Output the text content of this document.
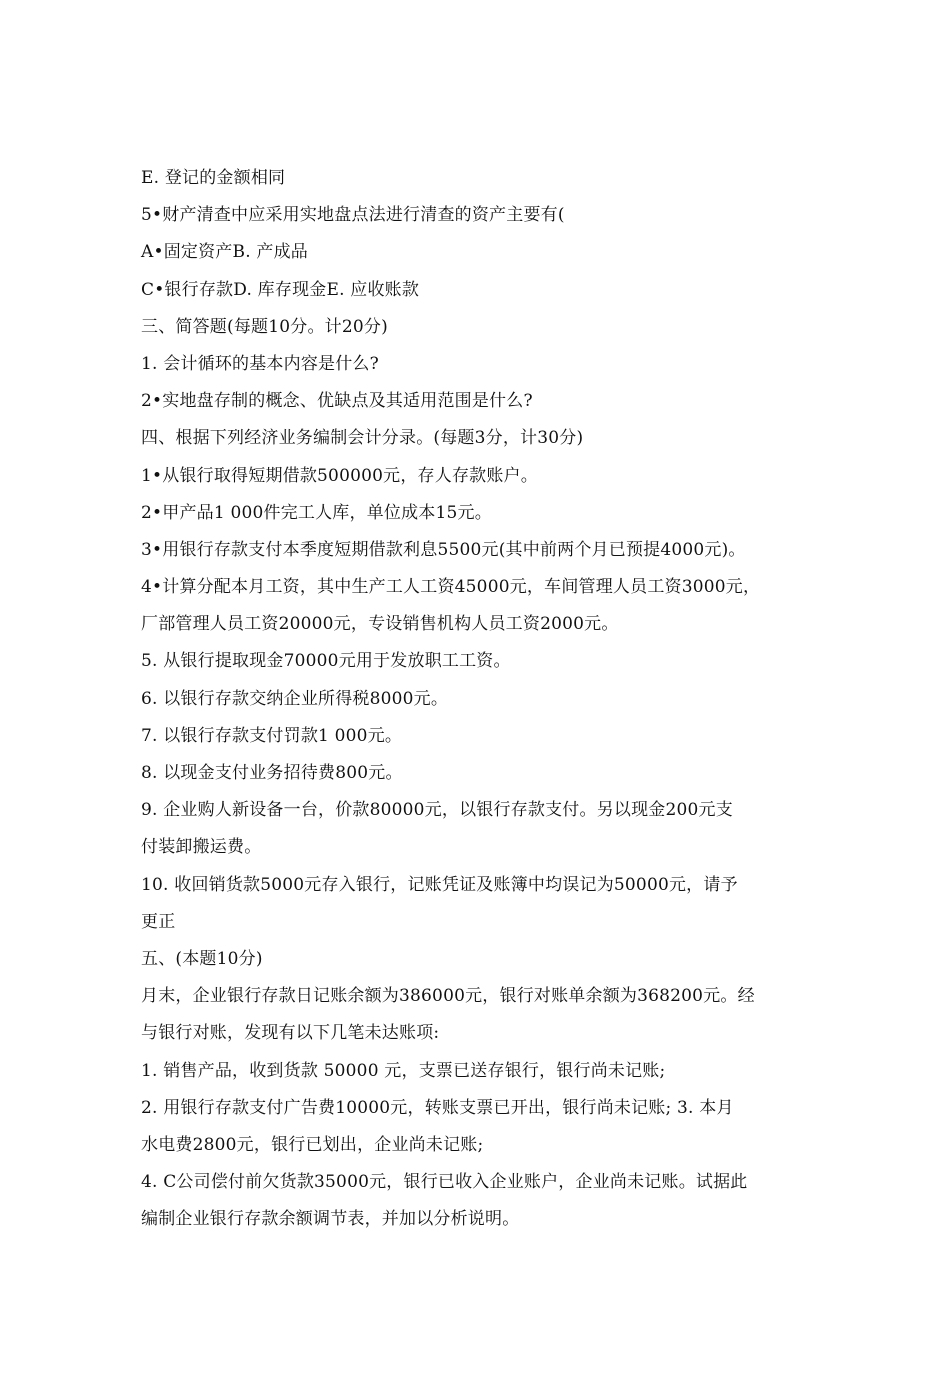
E. 登记的金额相同
5•财产清查中应采用实地盘点法进行清查的资产主要有(
A•固定资产B. 产成品
C•银行存款D. 库存现金E. 应收账款
三、简答题(每题10分。计20分)
1. 会计循环的基本内容是什么?
2•实地盘存制的概念、优缺点及其适用范围是什么?
四、根据下列经济业务编制会计分录。(每题3分，计30分)
1•从银行取得短期借款500000元，存人存款账户。
2•甲产品1 000件完工人库，单位成本15元。
3•用银行存款支付本季度短期借款利息5500元(其中前两个月已预提4000元)。
4•计算分配本月工资，其中生产工人工资45000元，车间管理人员工资3000元，
厂部管理人员工资20000元，专设销售机构人员工资2000元。
5. 从银行提取现金70000元用于发放职工工资。
6. 以银行存款交纳企业所得税8000元。
7. 以银行存款支付罚款1 000元。
8. 以现金支付业务招待费800元。
9. 企业购人新设备一台，价款80000元，以银行存款支付。另以现金200元支
付装卸搬运费。
10. 收回销货款5000元存入银行，记账凭证及账簿中均误记为50000元，请予
更正
五、(本题10分)
月末，企业银行存款日记账余额为386000元，银行对账单余额为368200元。经
与银行对账，发现有以下几笔未达账项:
1. 销售产品，收到货款 50000 元，支票已送存银行，银行尚未记账;
2. 用银行存款支付广告费10000元，转账支票已开出，银行尚未记账; 3. 本月
水电费2800元，银行已划出，企业尚未记账;
4. C公司偿付前欠货款35000元，银行已收入企业账户，企业尚未记账。试据此
编制企业银行存款余额调节表，并加以分析说明。
